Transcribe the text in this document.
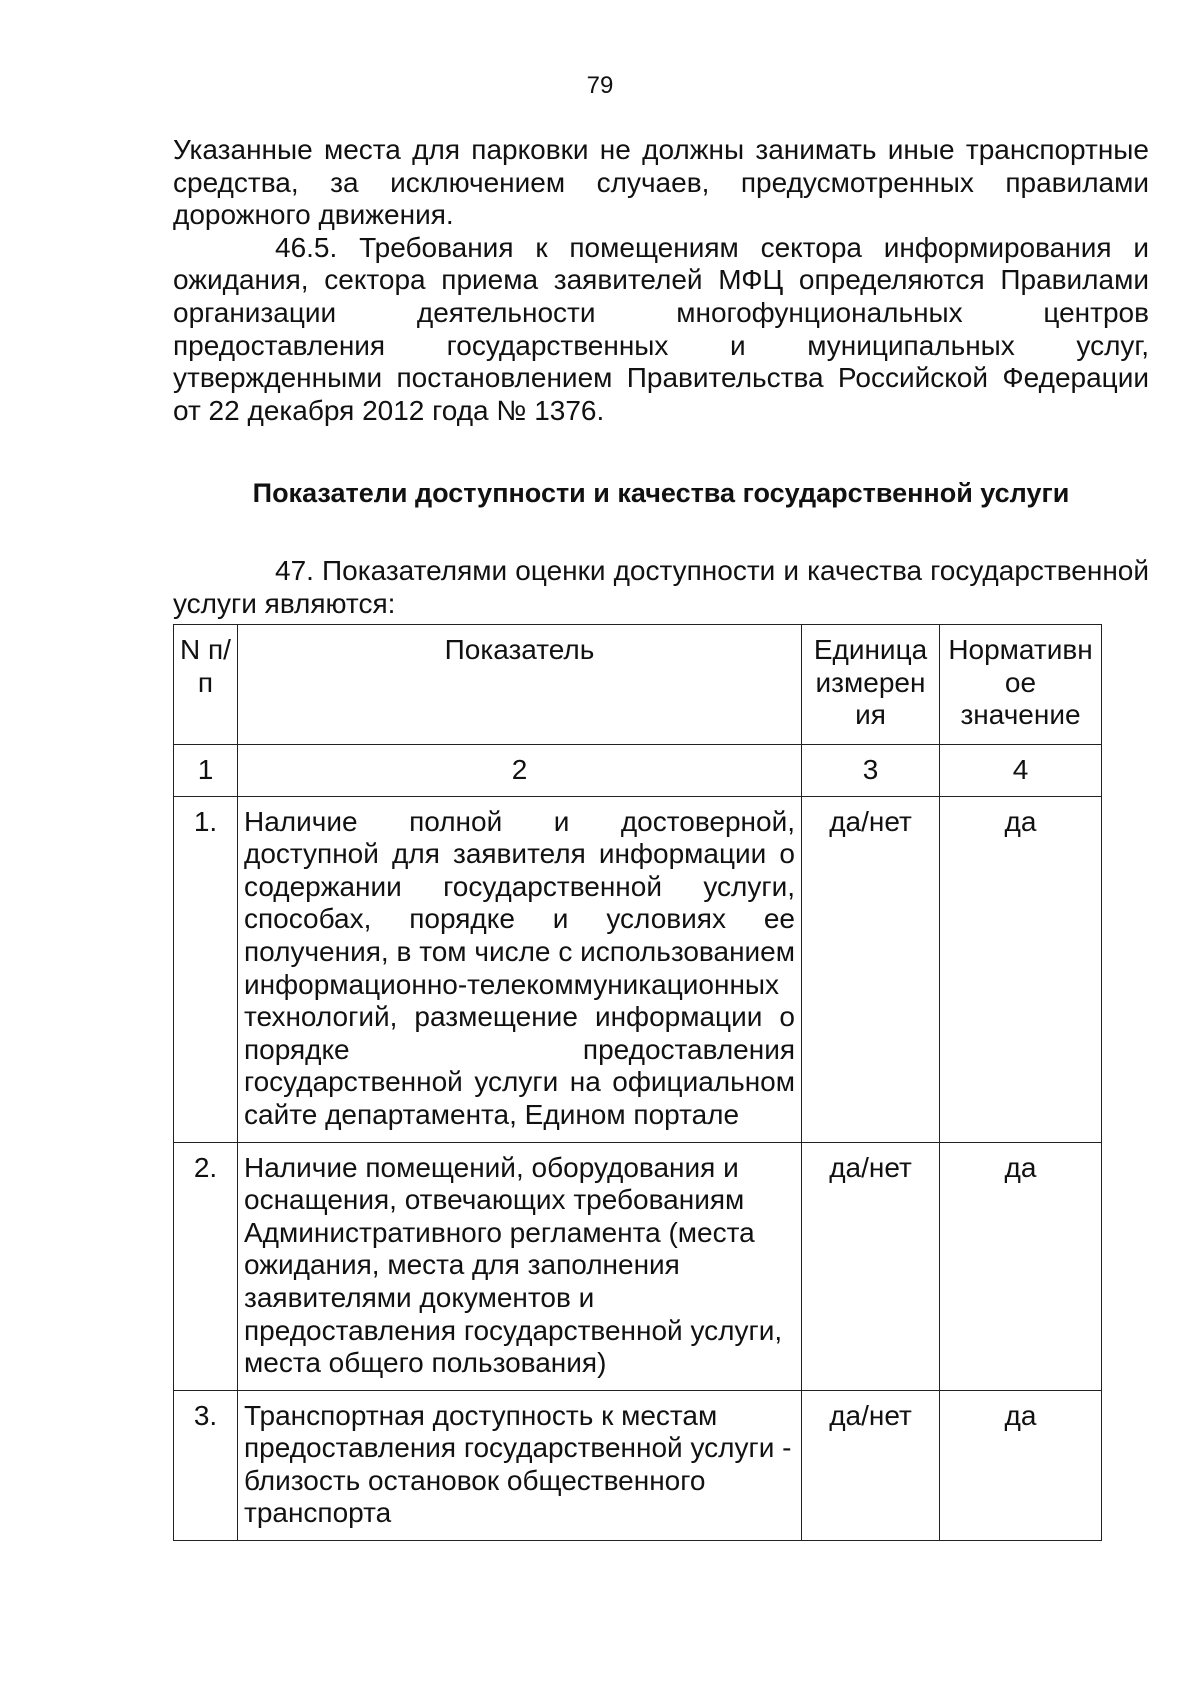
79

Указанные места для парковки не должны занимать иные транспортные средства, за исключением случаев, предусмотренных правилами дорожного движения.

46.5. Требования к помещениям сектора информирования и ожидания, сектора приема заявителей МФЦ определяются Правилами организации деятельности многофунциональных центров предоставления государственных и муниципальных услуг, утвержденными постановлением Правительства Российской Федерации от 22 декабря 2012 года № 1376.

Показатели доступности и качества государственной услуги

47. Показателями оценки доступности и качества государственной услуги являются:

N п/п	Показатель	Единица измерен ия	Нормативн ое значение
1	2	3	4
1.	Наличие полной и достоверной, доступной для заявителя информации о содержании государственной услуги, способах, порядке и условиях ее получения, в том числе с использованием информационно-телекоммуникационных технологий, размещение информации о порядке предоставления государственной услуги на официальном сайте департамента, Едином портале	да/нет	да
2.	Наличие помещений, оборудования и оснащения, отвечающих требованиям Административного регламента (места ожидания, места для заполнения заявителями документов и предоставления государственной услуги, места общего пользования)	да/нет	да
3.	Транспортная доступность к местам предоставления государственной услуги - близость остановок общественного транспорта	да/нет	да
